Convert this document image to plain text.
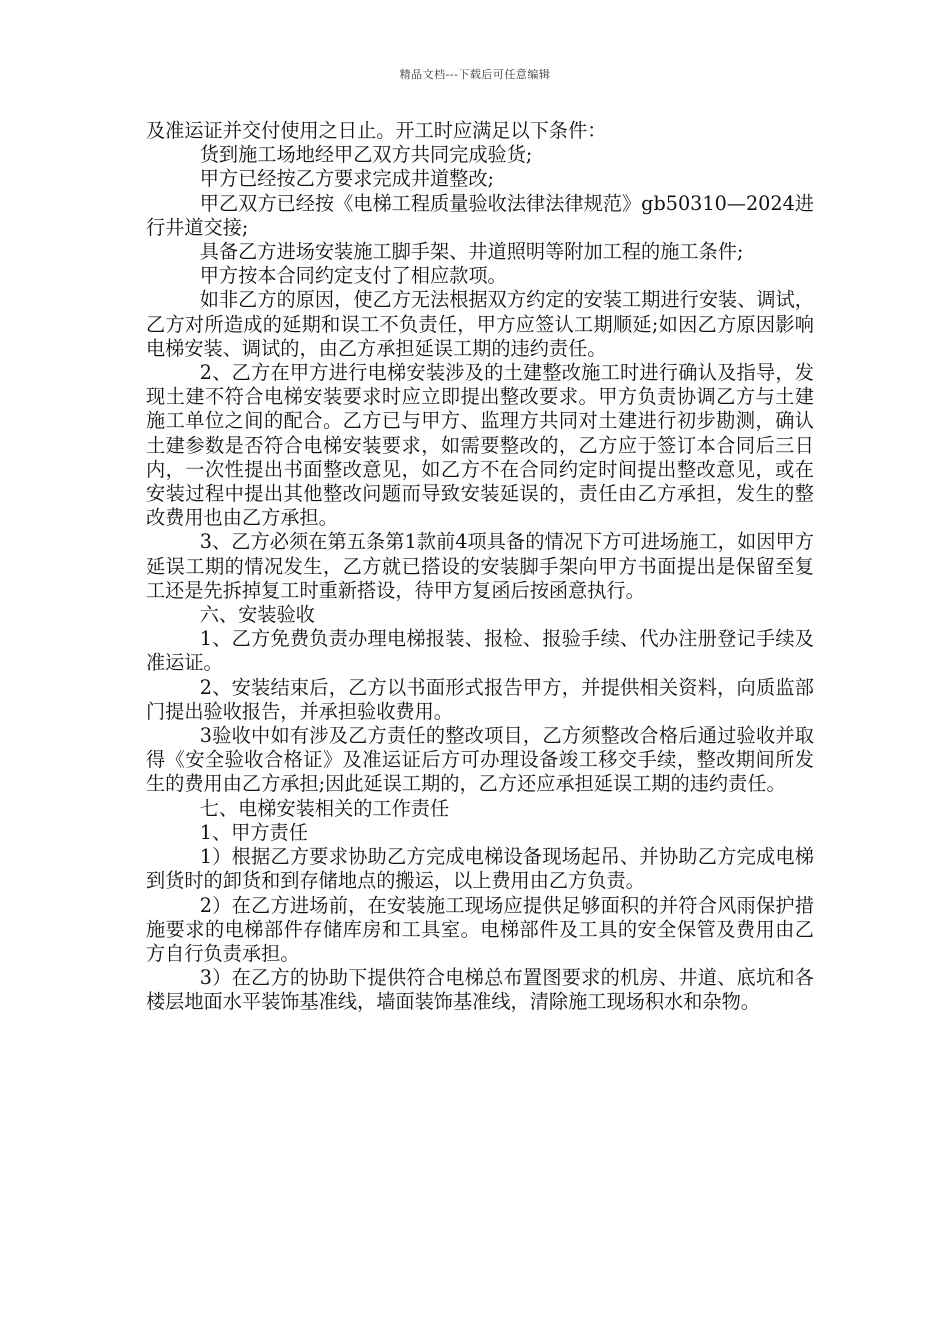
精品文档---下载后可任意编辑

及准运证并交付使用之日止。开工时应满足以下条件：

货到施工场地经甲乙双方共同完成验货;

甲方已经按乙方要求完成井道整改;

甲乙双方已经按《电梯工程质量验收法律法律规范》gb50310—2024进行井道交接;

具备乙方进场安装施工脚手架、井道照明等附加工程的施工条件;

甲方按本合同约定支付了相应款项。

如非乙方的原因，使乙方无法根据双方约定的安装工期进行安装、调试，乙方对所造成的延期和误工不负责任，甲方应签认工期顺延;如因乙方原因影响电梯安装、调试的，由乙方承担延误工期的违约责任。

2、乙方在甲方进行电梯安装涉及的土建整改施工时进行确认及指导，发现土建不符合电梯安装要求时应立即提出整改要求。甲方负责协调乙方与土建施工单位之间的配合。乙方已与甲方、监理方共同对土建进行初步勘测，确认土建参数是否符合电梯安装要求，如需要整改的，乙方应于签订本合同后三日内，一次性提出书面整改意见，如乙方不在合同约定时间提出整改意见，或在安装过程中提出其他整改问题而导致安装延误的，责任由乙方承担，发生的整改费用也由乙方承担。

3、乙方必须在第五条第1款前4项具备的情况下方可进场施工，如因甲方延误工期的情况发生，乙方就已搭设的安装脚手架向甲方书面提出是保留至复工还是先拆掉复工时重新搭设，待甲方复函后按函意执行。

六、安装验收

1、乙方免费负责办理电梯报装、报检、报验手续、代办注册登记手续及准运证。

2、安装结束后，乙方以书面形式报告甲方，并提供相关资料，向质监部门提出验收报告，并承担验收费用。

3验收中如有涉及乙方责任的整改项目，乙方须整改合格后通过验收并取得《安全验收合格证》及准运证后方可办理设备竣工移交手续，整改期间所发生的费用由乙方承担;因此延误工期的，乙方还应承担延误工期的违约责任。

七、电梯安装相关的工作责任

1、甲方责任

1）根据乙方要求协助乙方完成电梯设备现场起吊、并协助乙方完成电梯到货时的卸货和到存储地点的搬运，以上费用由乙方负责。

2）在乙方进场前，在安装施工现场应提供足够面积的并符合风雨保护措施要求的电梯部件存储库房和工具室。电梯部件及工具的安全保管及费用由乙方自行负责承担。

3）在乙方的协助下提供符合电梯总布置图要求的机房、井道、底坑和各楼层地面水平装饰基准线，墙面装饰基准线，清除施工现场积水和杂物。
